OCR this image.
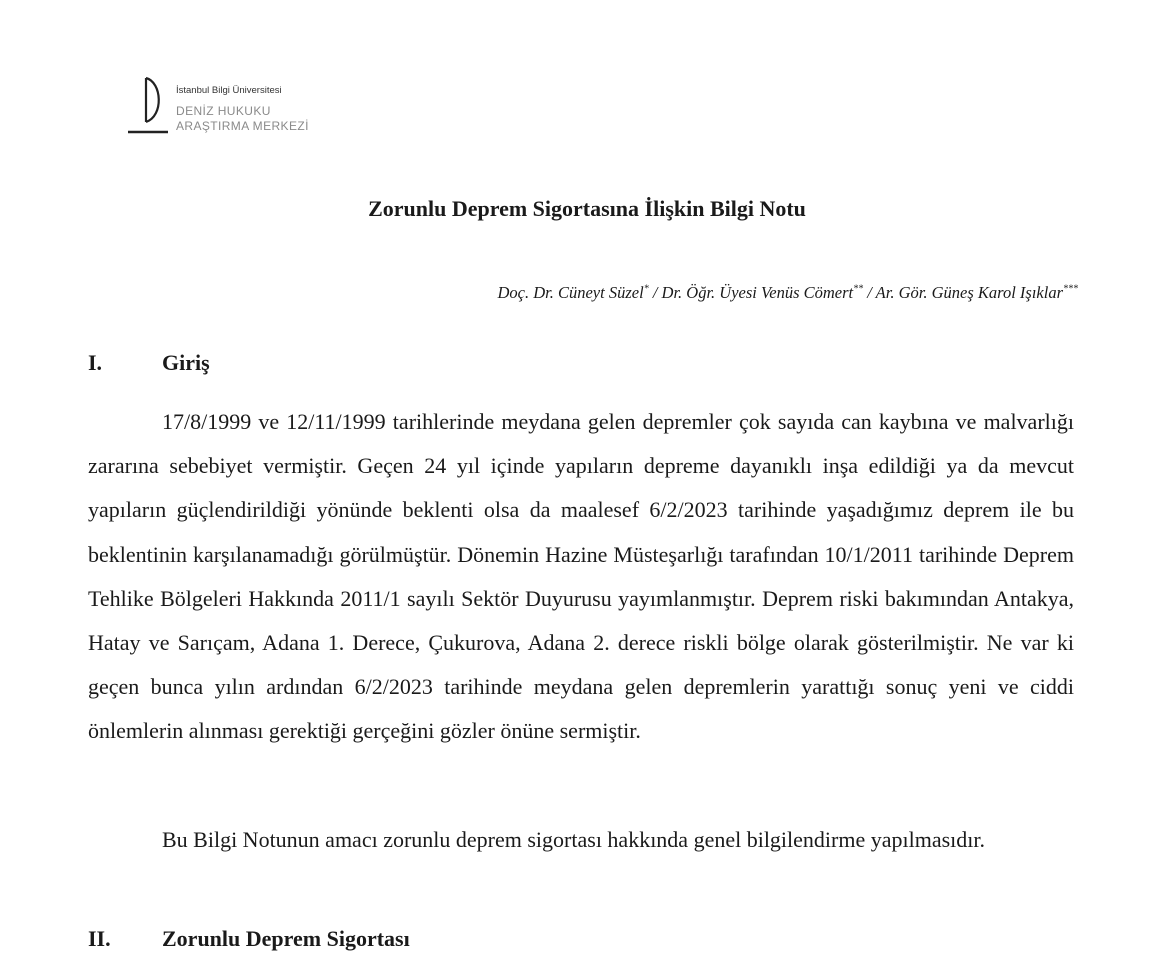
İstanbul Bilgi Üniversitesi
DENİZ HUKUKU
ARAŞTIRMA MERKEZİ
Zorunlu Deprem Sigortasına İlişkin Bilgi Notu
Doç. Dr. Cüneyt Süzel* / Dr. Öğr. Üyesi Venüs Cömert** / Ar. Gör. Güneş Karol Işıklar***
I.	Giriş

17/8/1999 ve 12/11/1999 tarihlerinde meydana gelen depremler çok sayıda can kaybına ve malvarlığı zararına sebebiyet vermiştir. Geçen 24 yıl içinde yapıların depreme dayanıklı inşa edildiği ya da mevcut yapıların güçlendirildiği yönünde beklenti olsa da maalesef 6/2/2023 tarihinde yaşadığımız deprem ile bu beklentinin karşılanamadığı görülmüştür. Dönemin Hazine Müsteşarlığı tarafından 10/1/2011 tarihinde Deprem Tehlike Bölgeleri Hakkında 2011/1 sayılı Sektör Duyurusu yayımlanmıştır. Deprem riski bakımından Antakya, Hatay ve Sarıçam, Adana 1. Derece, Çukurova, Adana 2. derece riskli bölge olarak gösterilmiştir. Ne var ki geçen bunca yılın ardından 6/2/2023 tarihinde meydana gelen depremlerin yarattığı sonuç yeni ve ciddi önlemlerin alınması gerektiği gerçeğini gözler önüne sermiştir.

Bu Bilgi Notunun amacı zorunlu deprem sigortası hakkında genel bilgilendirme yapılmasıdır.

II. Zorunlu Deprem Sigortası
